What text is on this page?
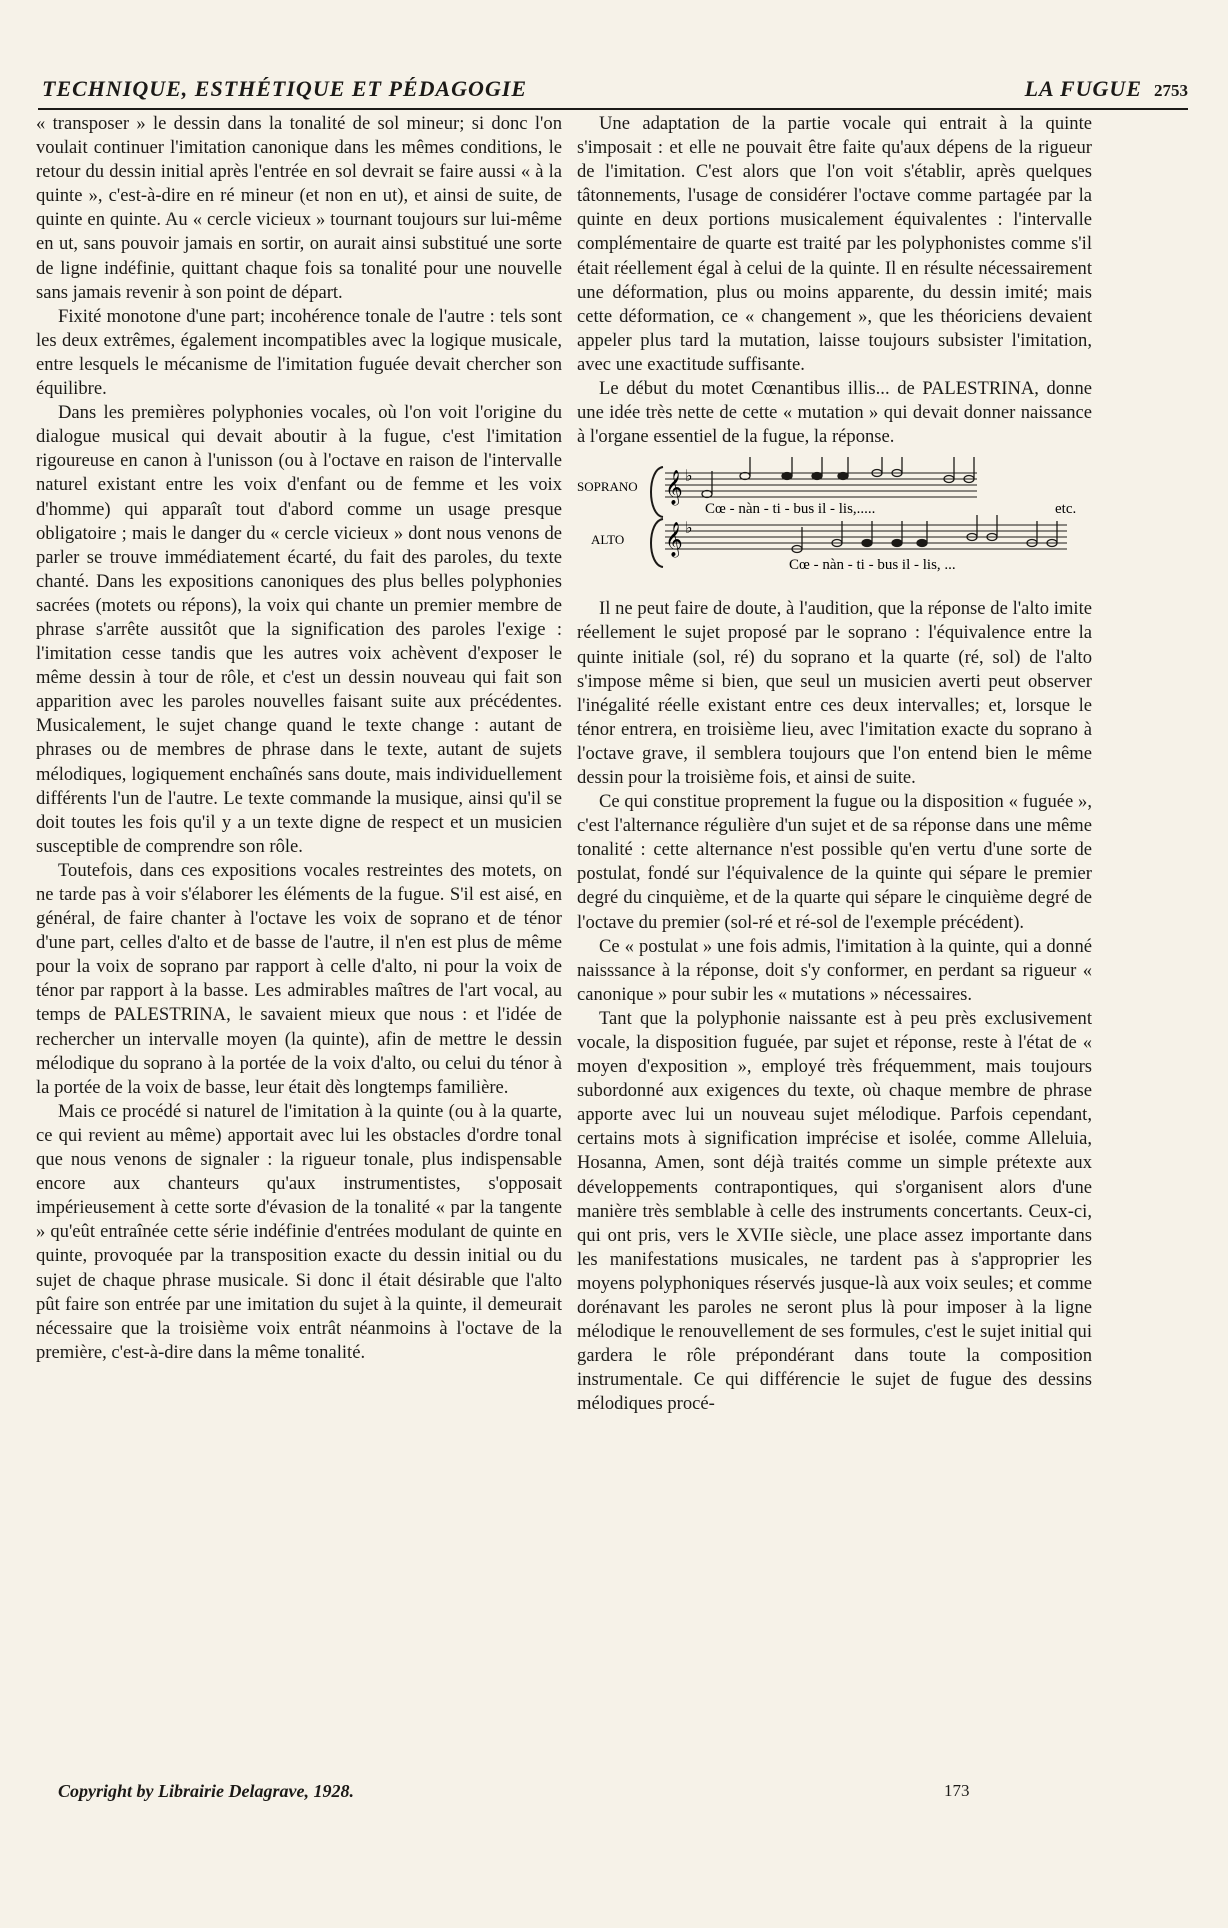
TECHNIQUE, ESTHÉTIQUE ET PÉDAGOGIE	LA FUGUE 2753

« transposer » le dessin dans la tonalité de sol mineur; si donc l'on voulait continuer l'imitation canonique dans les mêmes conditions, le retour du dessin initial après l'entrée en sol devrait se faire aussi « à la quinte », c'est-à-dire en ré mineur (et non en ut), et ainsi de suite, de quinte en quinte. Au « cercle vicieux » tournant toujours sur lui-même en ut, sans pouvoir jamais en sortir, on aurait ainsi substitué une sorte de ligne indéfinie, quittant chaque fois sa tonalité pour une nouvelle sans jamais revenir à son point de départ.

Fixité monotone d'une part; incohérence tonale de l'autre : tels sont les deux extrêmes, également incompatibles avec la logique musicale, entre lesquels le mécanisme de l'imitation fuguée devait chercher son équilibre.

Dans les premières polyphonies vocales, où l'on voit l'origine du dialogue musical qui devait aboutir à la fugue, c'est l'imitation rigoureuse en canon à l'unisson (ou à l'octave en raison de l'intervalle naturel existant entre les voix d'enfant ou de femme et les voix d'homme) qui apparaît tout d'abord comme un usage presque obligatoire ; mais le danger du « cercle vicieux » dont nous venons de parler se trouve immédiatement écarté, du fait des paroles, du texte chanté. Dans les expositions canoniques des plus belles polyphonies sacrées (motets ou répons), la voix qui chante un premier membre de phrase s'arrête aussitôt que la signification des paroles l'exige : l'imitation cesse tandis que les autres voix achèvent d'exposer le même dessin à tour de rôle, et c'est un dessin nouveau qui fait son apparition avec les paroles nouvelles faisant suite aux précédentes. Musicalement, le sujet change quand le texte change : autant de phrases ou de membres de phrase dans le texte, autant de sujets mélodiques, logiquement enchaînés sans doute, mais individuellement différents l'un de l'autre. Le texte commande la musique, ainsi qu'il se doit toutes les fois qu'il y a un texte digne de respect et un musicien susceptible de comprendre son rôle.

Toutefois, dans ces expositions vocales restreintes des motets, on ne tarde pas à voir s'élaborer les éléments de la fugue. S'il est aisé, en général, de faire chanter à l'octave les voix de soprano et de ténor d'une part, celles d'alto et de basse de l'autre, il n'en est plus de même pour la voix de soprano par rapport à celle d'alto, ni pour la voix de ténor par rapport à la basse. Les admirables maîtres de l'art vocal, au temps de PALESTRINA, le savaient mieux que nous : et l'idée de rechercher un intervalle moyen (la quinte), afin de mettre le dessin mélodique du soprano à la portée de la voix d'alto, ou celui du ténor à la portée de la voix de basse, leur était dès longtemps familière.

Mais ce procédé si naturel de l'imitation à la quinte (ou à la quarte, ce qui revient au même) apportait avec lui les obstacles d'ordre tonal que nous venons de signaler : la rigueur tonale, plus indispensable encore aux chanteurs qu'aux instrumentistes, s'opposait impérieusement à cette sorte d'évasion de la tonalité « par la tangente » qu'eût entraînée cette série indéfinie d'entrées modulant de quinte en quinte, provoquée par la transposition exacte du dessin initial ou du sujet de chaque phrase musicale. Si donc il était désirable que l'alto pût faire son entrée par une imitation du sujet à la quinte, il demeurait nécessaire que la troisième voix entrât néanmoins à l'octave de la première, c'est-à-dire dans la même tonalité.

Une adaptation de la partie vocale qui entrait à la quinte s'imposait : et elle ne pouvait être faite qu'aux dépens de la rigueur de l'imitation. C'est alors que l'on voit s'établir, après quelques tâtonnements, l'usage de considérer l'octave comme partagée par la quinte en deux portions musicalement équivalentes : l'intervalle complémentaire de quarte est traité par les polyphonistes comme s'il était réellement égal à celui de la quinte. Il en résulte nécessairement une déformation, plus ou moins apparente, du dessin imité; mais cette déformation, ce « changement », que les théoriciens devaient appeler plus tard la mutation, laisse toujours subsister l'imitation, avec une exactitude suffisante.

Le début du motet Cœnantibus illis... de PALESTRINA, donne une idée très nette de cette « mutation » qui devait donner naissance à l'organe essentiel de la fugue, la réponse.

SOPRANO
ALTO
𝄞
𝄞
♭
♭
Cœ - nàn - ti - bus il - lis,.....	etc.
Cœ - nàn - ti - bus il - lis, ...

Il ne peut faire de doute, à l'audition, que la réponse de l'alto imite réellement le sujet proposé par le soprano : l'équivalence entre la quinte initiale (sol, ré) du soprano et la quarte (ré, sol) de l'alto s'impose même si bien, que seul un musicien averti peut observer l'inégalité réelle existant entre ces deux intervalles; et, lorsque le ténor entrera, en troisième lieu, avec l'imitation exacte du soprano à l'octave grave, il semblera toujours que l'on entend bien le même dessin pour la troisième fois, et ainsi de suite.

Ce qui constitue proprement la fugue ou la disposition « fuguée », c'est l'alternance régulière d'un sujet et de sa réponse dans une même tonalité : cette alternance n'est possible qu'en vertu d'une sorte de postulat, fondé sur l'équivalence de la quinte qui sépare le premier degré du cinquième, et de la quarte qui sépare le cinquième degré de l'octave du premier (sol-ré et ré-sol de l'exemple précédent).

Ce « postulat » une fois admis, l'imitation à la quinte, qui a donné naisssance à la réponse, doit s'y conformer, en perdant sa rigueur « canonique » pour subir les « mutations » nécessaires.

Tant que la polyphonie naissante est à peu près exclusivement vocale, la disposition fuguée, par sujet et réponse, reste à l'état de « moyen d'exposition », employé très fréquemment, mais toujours subordonné aux exigences du texte, où chaque membre de phrase apporte avec lui un nouveau sujet mélodique. Parfois cependant, certains mots à signification imprécise et isolée, comme Alleluia, Hosanna, Amen, sont déjà traités comme un simple prétexte aux développements contrapontiques, qui s'organisent alors d'une manière très semblable à celle des instruments concertants. Ceux-ci, qui ont pris, vers le XVIIe siècle, une place assez importante dans les manifestations musicales, ne tardent pas à s'approprier les moyens polyphoniques réservés jusque-là aux voix seules; et comme dorénavant les paroles ne seront plus là pour imposer à la ligne mélodique le renouvellement de ses formules, c'est le sujet initial qui gardera le rôle prépondérant dans toute la composition instrumentale. Ce qui différencie le sujet de fugue des dessins mélodiques procé-

Copyright by Librairie Delagrave, 1928.	173
